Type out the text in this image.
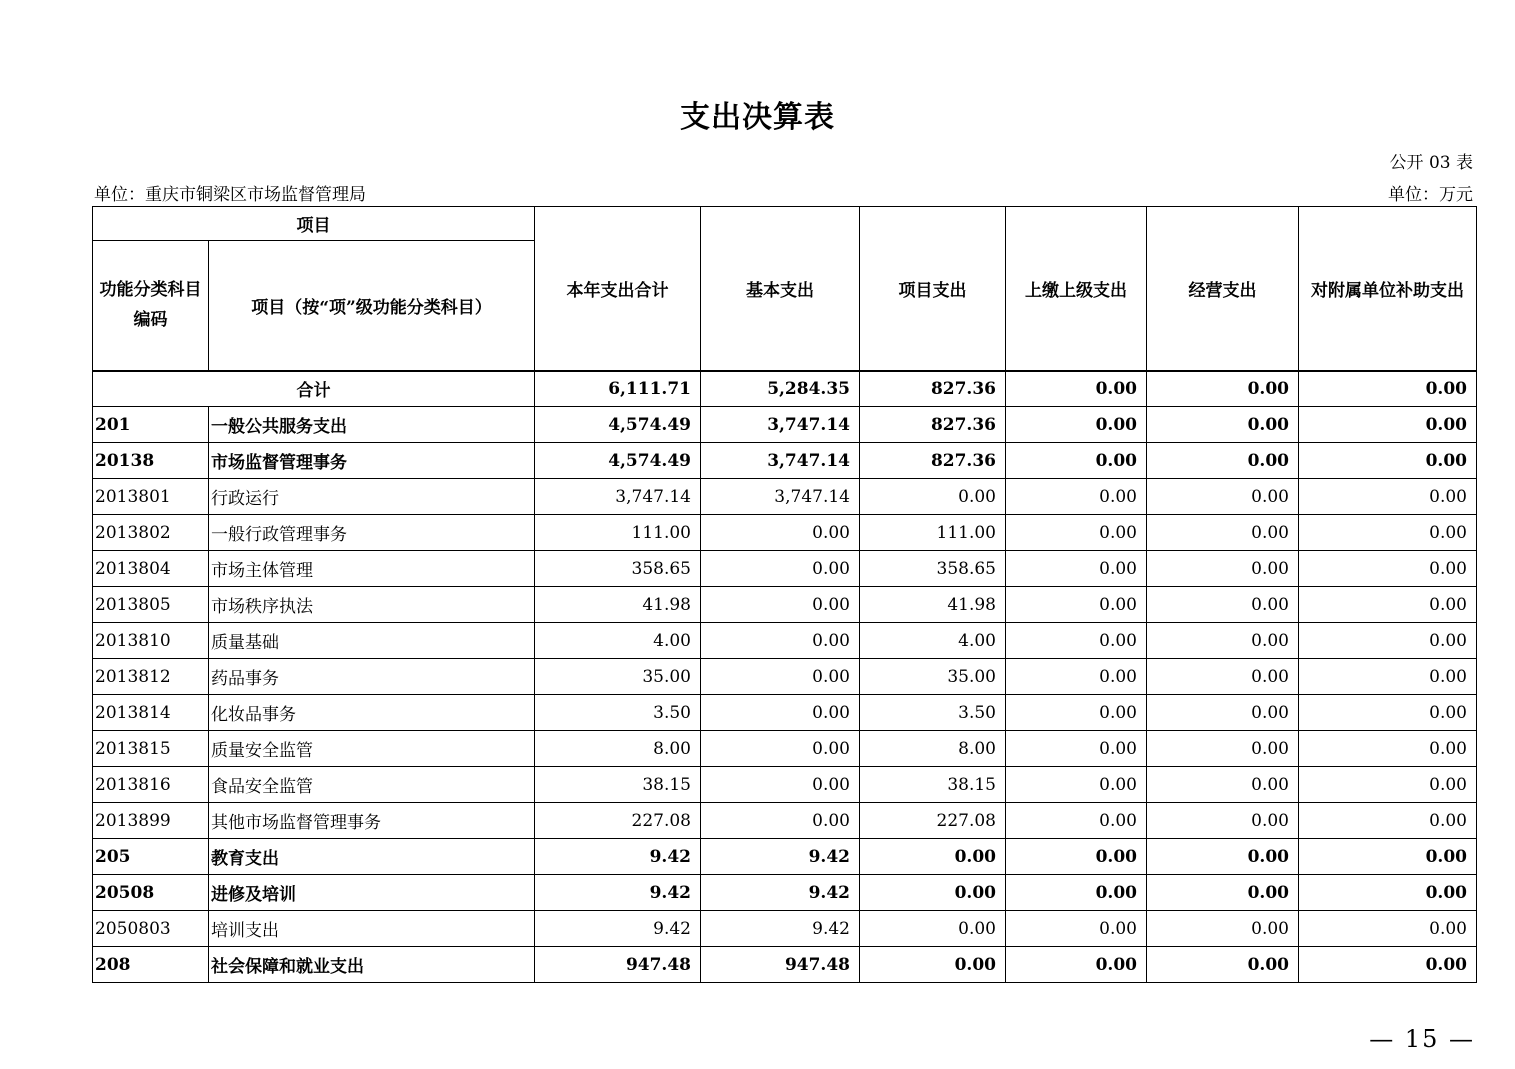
支出决算表
公开 03 表
单位：重庆市铜梁区市场监督管理局	单位：万元
项目		本年支出合计	基本支出	项目支出	上缴上级支出	经营支出	对附属单位补助支出
功能分类科目编码	项目（按“项”级功能分类科目）						
合计		6,111.71	5,284.35	827.36	0.00	0.00	0.00
201	一般公共服务支出	4,574.49	3,747.14	827.36	0.00	0.00	0.00
20138	市场监督管理事务	4,574.49	3,747.14	827.36	0.00	0.00	0.00
2013801	行政运行	3,747.14	3,747.14	0.00	0.00	0.00	0.00
2013802	一般行政管理事务	111.00	0.00	111.00	0.00	0.00	0.00
2013804	市场主体管理	358.65	0.00	358.65	0.00	0.00	0.00
2013805	市场秩序执法	41.98	0.00	41.98	0.00	0.00	0.00
2013810	质量基础	4.00	0.00	4.00	0.00	0.00	0.00
2013812	药品事务	35.00	0.00	35.00	0.00	0.00	0.00
2013814	化妆品事务	3.50	0.00	3.50	0.00	0.00	0.00
2013815	质量安全监管	8.00	0.00	8.00	0.00	0.00	0.00
2013816	食品安全监管	38.15	0.00	38.15	0.00	0.00	0.00
2013899	其他市场监督管理事务	227.08	0.00	227.08	0.00	0.00	0.00
205	教育支出	9.42	9.42	0.00	0.00	0.00	0.00
20508	进修及培训	9.42	9.42	0.00	0.00	0.00	0.00
2050803	培训支出	9.42	9.42	0.00	0.00	0.00	0.00
208	社会保障和就业支出	947.48	947.48	0.00	0.00	0.00	0.00
— 15 —
